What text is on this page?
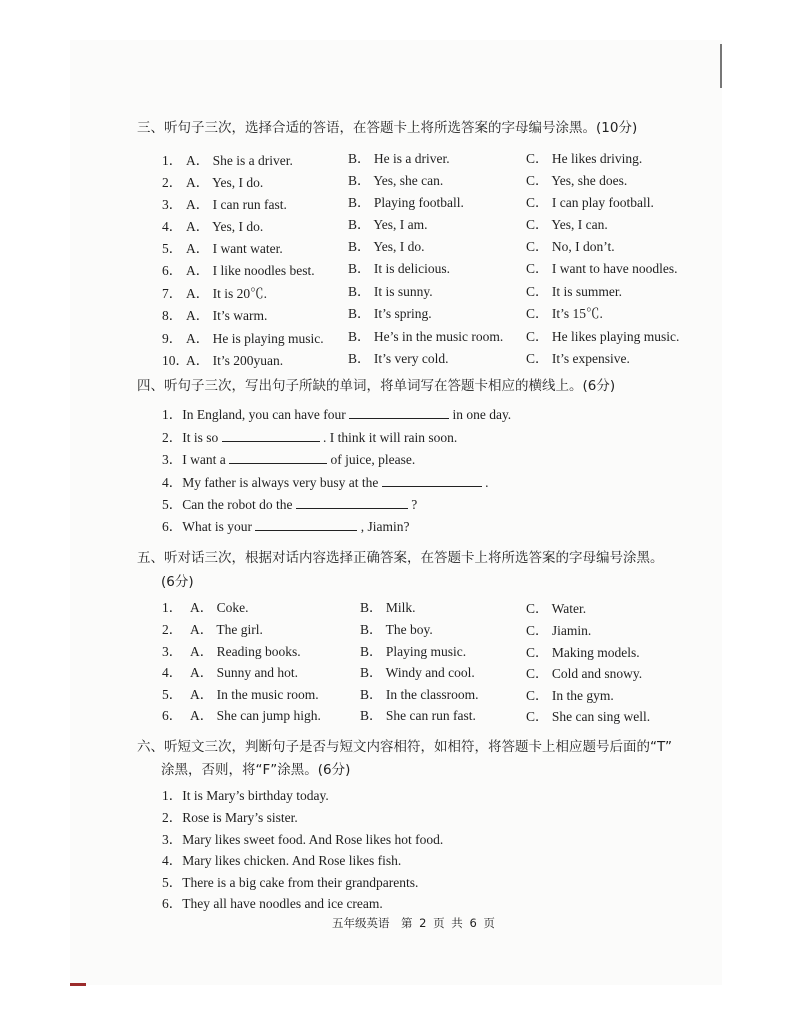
三、听句子三次，选择合适的答语，在答题卡上将所选答案的字母编号涂黑。(10分)
1． A． She is a driver.	B． He is a driver.	C． He likes driving.
2． A． Yes, I do.	B． Yes, she can.	C． Yes, she does.
3． A． I can run fast.	B． Playing football.	C． I can play football.
4． A． Yes, I do.	B． Yes, I am.	C． Yes, I can.
5． A． I want water.	B． Yes, I do.	C． No, I don’t.
6． A． I like noodles best. B． It is delicious.	C． I want to have noodles.
7． A． It is 20℃.	B． It is sunny.	C． It is summer.
8． A． It’s warm.	B． It’s spring.	C． It’s 15℃.
9． A． He is playing music. B． He’s in the music room. C． He likes playing music.
10．
A． It’s 200yuan.	B． It’s very cold.	C． It’s expensive.
四、听句子三次，写出句子所缺的单词，将单词写在答题卡相应的横线上。(6分)
1．In England, you can have four	in one day.
2．It is so	. I think it will rain soon.
3．I want a	of juice, please.
4．My father is always very busy at the	.
5．Can the robot do the	?
6．What is your	, Jiamin?
五、听对话三次，根据对话内容选择正确答案，在答题卡上将所选答案的字母编号涂黑。
(6分)
1． A． Coke.	B． Milk.	C． Water.
2． A． The girl.	B． The boy.	C． Jiamin.
3． A． Reading books.	B． Playing music.	C． Making models.
4． A． Sunny and hot.	B． Windy and cool.	C． Cold and snowy.
5． A． In the music room.	B． In the classroom.	C． In the gym.
6． A． She can jump high.	B． She can run fast.	C． She can sing well.
六、听短文三次，判断句子是否与短文内容相符，如相符，将答题卡上相应题号后面的“T”
涂黑，否则，将“F”涂黑。(6分)
1．It is Mary’s birthday today.
2．Rose is Mary’s sister.
3．Mary likes sweet food. And Rose likes hot food.
4．Mary likes chicken. And Rose likes fish.
5．There is a big cake from their grandparents.
6．They all have noodles and ice cream.
五年级英语　第 2 页 共 6 页
